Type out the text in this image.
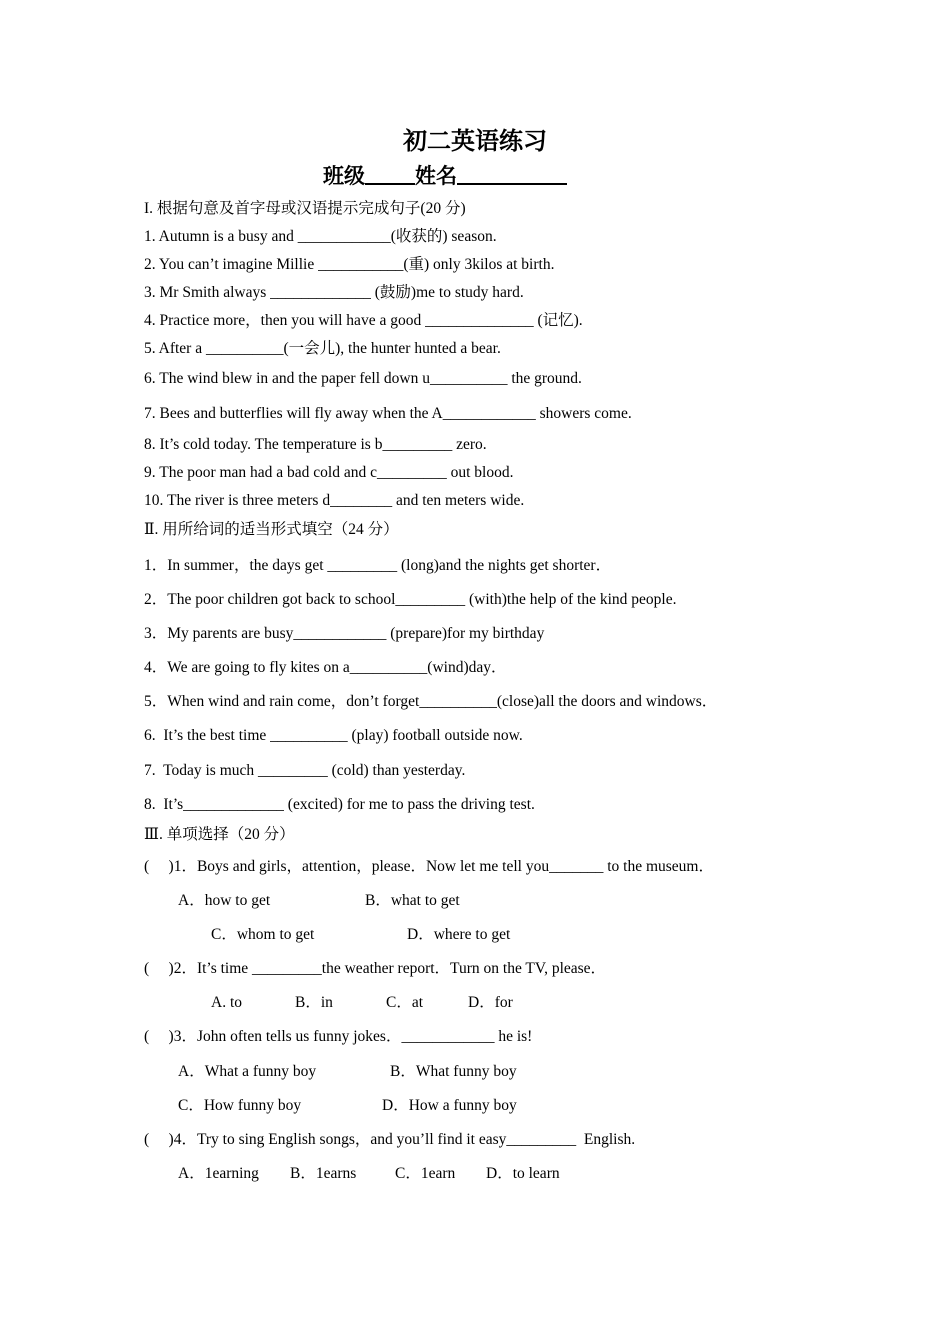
初二英语练习
班级 姓名
I. 根据句意及首字母或汉语提示完成句子(20 分)
1. Autumn is a busy and ____________(收获的) season.
2. You can’t imagine Millie ___________(重) only 3kilos at birth.
3. Mr Smith always _____________ (鼓励)me to study hard.
4. Practice more，then you will have a good ______________ (记忆).
5. After a __________(一会儿), the hunter hunted a bear.
6. The wind blew in and the paper fell down u__________ the ground.
7. Bees and butterflies will fly away when the A____________ showers come.
8. It’s cold today. The temperature is b_________ zero.
9. The poor man had a bad cold and c_________ out blood.
10. The river is three meters d________ and ten meters wide.
Ⅱ. 用所给词的适当形式填空（24 分）
1．In summer，the days get _________ (long)and the nights get shorter．
2．The poor children got back to school_________ (with)the help of the kind people.
3．My parents are busy____________ (prepare)for my birthday
4．We are going to fly kites on a__________(wind)day．
5．When wind and rain come，don’t forget__________(close)all the doors and windows．
6.  It’s the best time __________ (play) football outside now.
7.  Today is much _________ (cold) than yesterday.
8.  It’s_____________ (excited) for me to pass the driving test.
Ⅲ. 单项选择（20 分）
(     )1．Boys and girls，attention，please．Now let me tell you_______ to the museum．
A．how to get	B．what to get
C．whom to get	D．where to get
(     )2．It’s time _________the weather report．Turn on the TV, please．
A. to	B．in	C．at	D．for
(     )3．John often tells us funny jokes．____________ he is!
A．What a funny boy	B．What funny boy
C．How funny boy	D．How a funny boy
(     )4．Try to sing English songs，and you’ll find it easy_________  English.
A．1earning B．1earns C．1earn D．to learn
